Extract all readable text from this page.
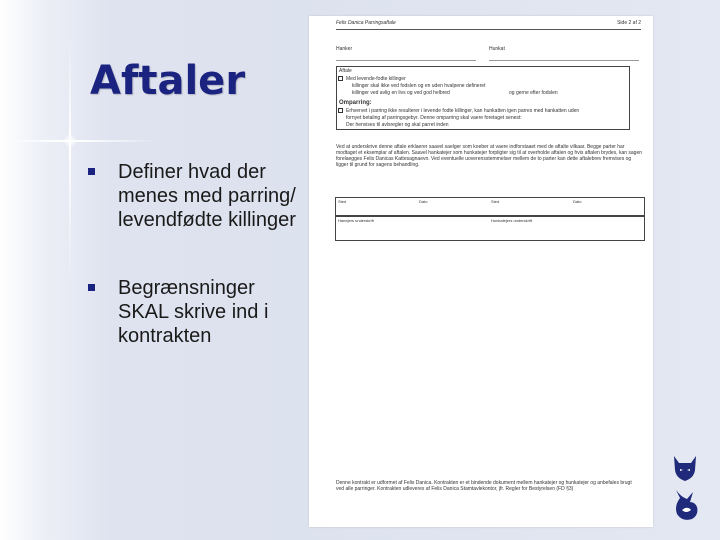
Aftaler
Definer hvad der menes med parring/ levendfødte killinger
Begrænsninger SKAL skrive ind i kontrakten
Felis Danica Parringsaftale	Side 2 af 2
Hanker	Hunkat
Aftale
Med levende-fodte killinger
killinger skal ikke ved fodslen og en uden hvalpene defineret
killinger ved avlig en livs og ved god helbred	og gerne efter fodslen
Omparring:
Erhvervet i parring ikke resulterer i levende fodte killinger, kan hunkatten igen parres med hankatten uden
fornyet betaling af parringsgebyr. Denne omparring skal vaere foretaget senest:
Der henvises til avlsregler og skal parret inden
Ved at underskrive denne aftale erklaerer saavel saelger som koeber at vaere indforstaaet med de aftalte vilkaar. Begge parter har modtaget et eksemplar af aftalen. Saavel hankatejer som hunkatejer forpligter sig til at overholde aftalen og hvis aftalen brydes, kan sagen forelaegges Felis Danicas Kattesagnaevn. Ved eventuelle uoverensstemmelser mellem de to parter kan dette aftalebrev fremvises og ligger til grund for sagens behandling.
Sted	Dato	Sted	Dato
Hanejers underskrift	Hunkatejers underskrift
Denne kontrakt er udformet af Felis Danica. Kontrakten er et bindende dokument mellem hankatejer og hunkatejer og anbefales brugt ved alle parringer. Kontrakten udleveres af Felis Danica Stamtavlekontor, jfr. Regler for Bestyrelsen (FD §3)
